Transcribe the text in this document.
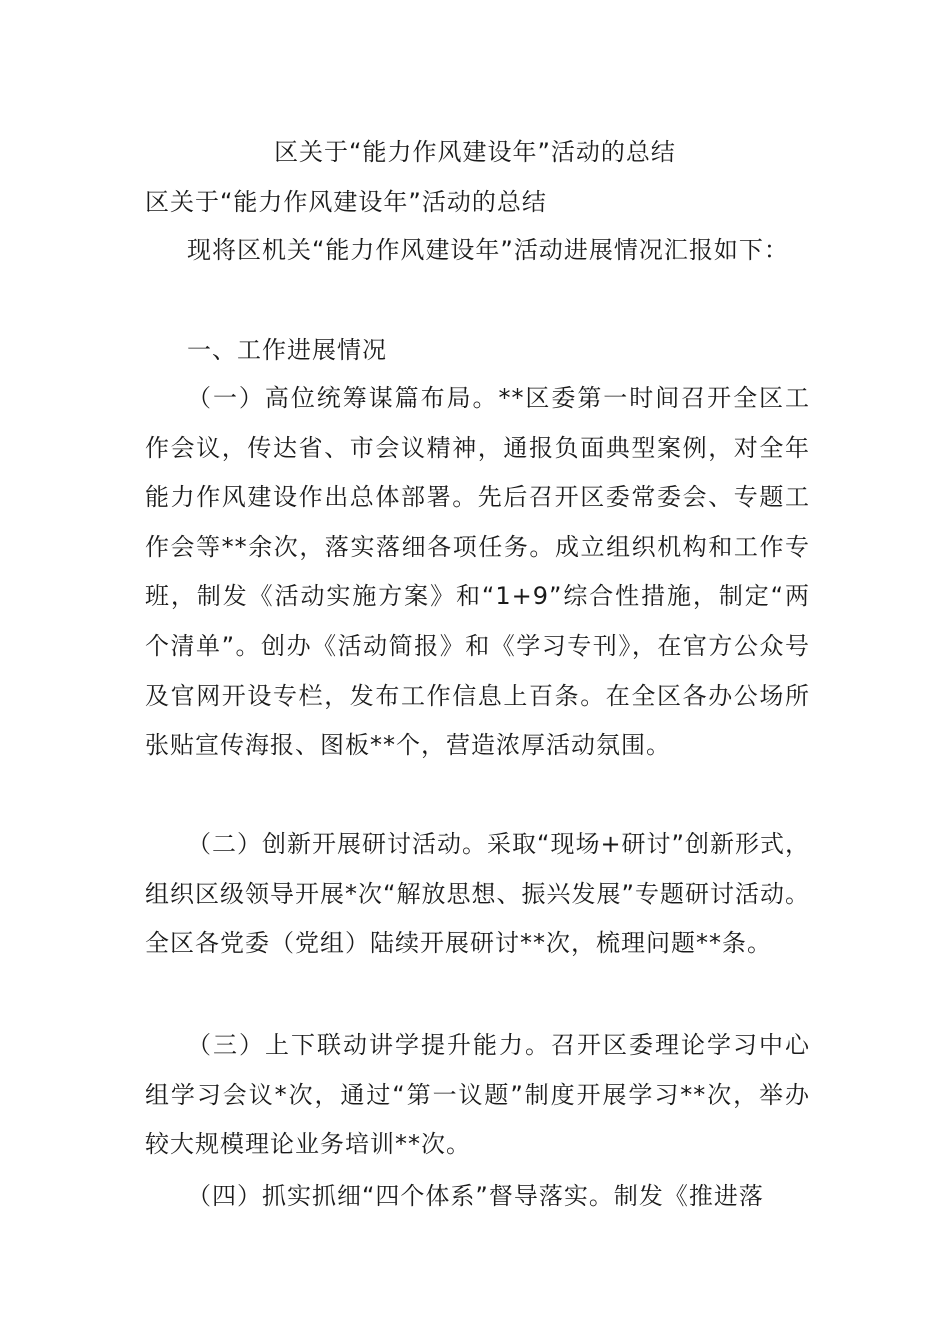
区关于“能力作风建设年”活动的总结
区关于“能力作风建设年”活动的总结
现将区机关“能力作风建设年”活动进展情况汇报如下：
一、工作进展情况

（一）高位统筹谋篇布局。**区委第一时间召开全区工作会议，传达省、市会议精神，通报负面典型案例，对全年能力作风建设作出总体部署。先后召开区委常委会、专题工作会等**余次，落实落细各项任务。成立组织机构和工作专班，制发《活动实施方案》和“1+9”综合性措施，制定“两个清单”。创办《活动简报》和《学习专刊》，在官方公众号及官网开设专栏，发布工作信息上百条。在全区各办公场所张贴宣传海报、图板**个，营造浓厚活动氛围。

（二）创新开展研讨活动。采取“现场+研讨”创新形式，组织区级领导开展*次“解放思想、振兴发展”专题研讨活动。全区各党委（党组）陆续开展研讨**次，梳理问题**条。

（三）上下联动讲学提升能力。召开区委理论学习中心组学习会议*次，通过“第一议题”制度开展学习**次，举办较大规模理论业务培训**次。

（四）抓实抓细“四个体系”督导落实。制发《推进落
